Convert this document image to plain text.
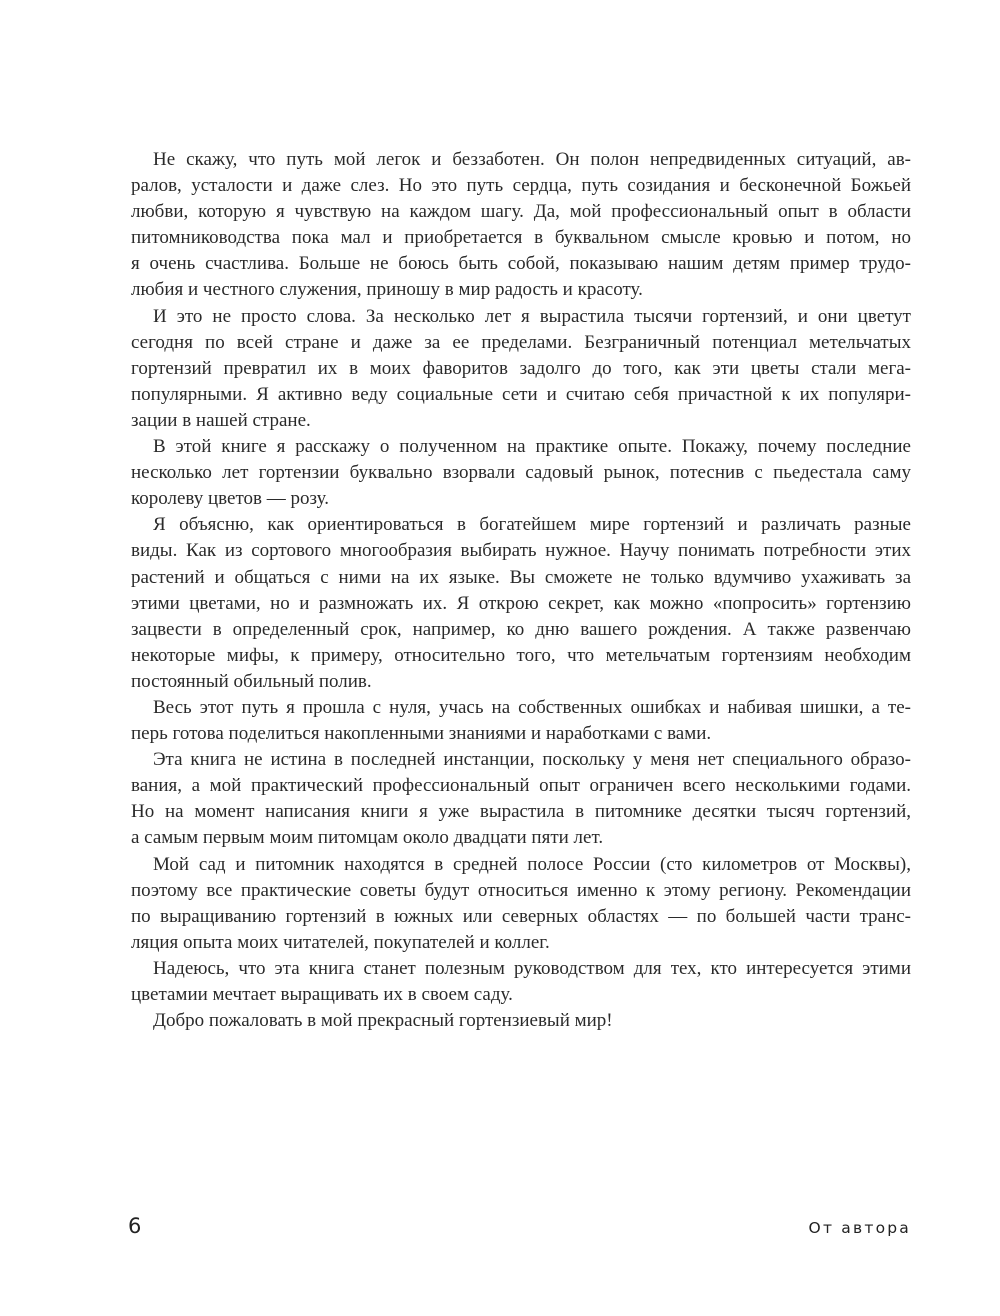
Не скажу, что путь мой легок и беззаботен. Он полон непредвиденных ситуаций, ав-
ралов, усталости и даже слез. Но это путь сердца, путь созидания и бесконечной Божьей
любви, которую я чувствую на каждом шагу. Да, мой профессиональный опыт в области
питомниководства пока мал и приобретается в буквальном смысле кровью и потом, но
я очень счастлива. Больше не боюсь быть собой, показываю нашим детям пример трудо-
любия и честного служения, приношу в мир радость и красоту.
И это не просто слова. За несколько лет я вырастила тысячи гортензий, и они цветут
сегодня по всей стране и даже за ее пределами. Безграничный потенциал метельчатых
гортензий превратил их в моих фаворитов задолго до того, как эти цветы стали мега-
популярными. Я активно веду социальные сети и считаю себя причастной к их популяри-
зации в нашей стране.
В этой книге я расскажу о полученном на практике опыте. Покажу, почему последние
несколько лет гортензии буквально взорвали садовый рынок, потеснив с пьедестала саму
королеву цветов — розу.
Я объясню, как ориентироваться в богатейшем мире гортензий и различать разные
виды. Как из сортового многообразия выбирать нужное. Научу понимать потребности этих
растений и общаться с ними на их языке. Вы сможете не только вдумчиво ухаживать за
этими цветами, но и размножать их. Я открою секрет, как можно «попросить» гортензию
зацвести в определенный срок, например, ко дню вашего рождения. А также развенчаю
некоторые мифы, к примеру, относительно того, что метельчатым гортензиям необходим
постоянный обильный полив.
Весь этот путь я прошла с нуля, учась на собственных ошибках и набивая шишки, а те-
перь готова поделиться накопленными знаниями и наработками с вами.
Эта книга не истина в последней инстанции, поскольку у меня нет специального образо-
вания, а мой практический профессиональный опыт ограничен всего несколькими годами.
Но на момент написания книги я уже вырастила в питомнике десятки тысяч гортензий,
а самым первым моим питомцам около двадцати пяти лет.
Мой сад и питомник находятся в средней полосе России (сто километров от Москвы),
поэтому все практические советы будут относиться именно к этому региону. Рекомендации
по выращиванию гортензий в южных или северных областях — по большей части транс-
ляция опыта моих читателей, покупателей и коллег.
Надеюсь, что эта книга станет полезным руководством для тех, кто интересуется этими
цветамии мечтает выращивать их в своем саду.
Добро пожаловать в мой прекрасный гортензиевый мир!
6	От автора
